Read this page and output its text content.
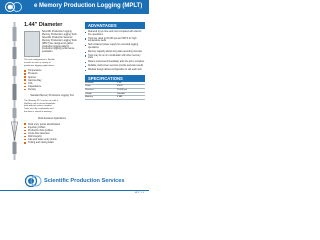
e Memory Production Logging (MPLT)
1.44" Diameter
Scientific Production Logging
Memory Production Logging Tools
Scientific Production Services'
Memory Production Logging Tools
(MPLT) are designed to gather
production logging data for
production logging performance
evaluation.
The tool configuration is flexible
in order to meet a variety of
production logging applications.
Temperature
Pressure
Spinner
Gamma Ray
CCL
Capacitance
Density
Standard Memory Production Logging Tool
The Memory PLT can be run with a
Slickline unit to record downhole
data without surface readout.
Tools are fully combinable and
the data is stored in memory.
Multi-Featured Applications
Fluid entry points identification
Injection profiles
Production flow profiles
Cross-flow detection
Well integrity
Gas and water entry points
Tubing and casing leaks
ADVANTAGES
Reduced rig up time and cost compared with electric line operations
Tools are rated to 20,000 psi and 350°F for high temperature wells
Self contained power supply for extended logging operations
Memory capacity allows long data recording intervals
Tools may be run in combination with other memory tools
Data is processed immediately after the job is complete
Reliable, field proven sensors provide accurate results
Modular design allows configuration to suit each well
SPECIFICATIONS
Diameter	1.44"
Temp.	350°F
Pressure	20,000 psi
Length	Variable
Memory	8 MB
Scientific Production Services
MPLT 1.4
